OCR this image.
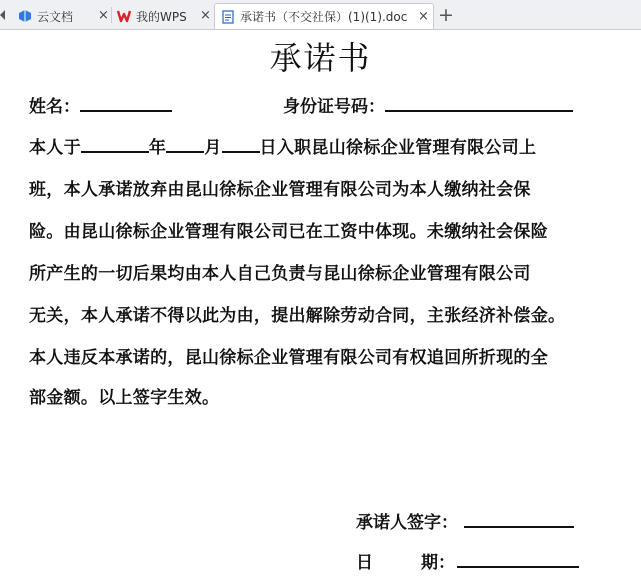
云文档 × 我的WPS × 承诺书（不交社保）(1)(1).doc × +
承诺书
姓名：	身份证号码：
本人于	年 月 日入职昆山徐标企业管理有限公司上
班，本人承诺放弃由昆山徐标企业管理有限公司为本人缴纳社会保
险。由昆山徐标企业管理有限公司已在工资中体现。未缴纳社会保险
所产生的一切后果均由本人自己负责与昆山徐标企业管理有限公司
无关，本人承诺不得以此为由，提出解除劳动合同，主张经济补偿金。
本人违反本承诺的，昆山徐标企业管理有限公司有权追回所折现的全
部金额。以上签字生效。
承诺人签字：
日	期：
